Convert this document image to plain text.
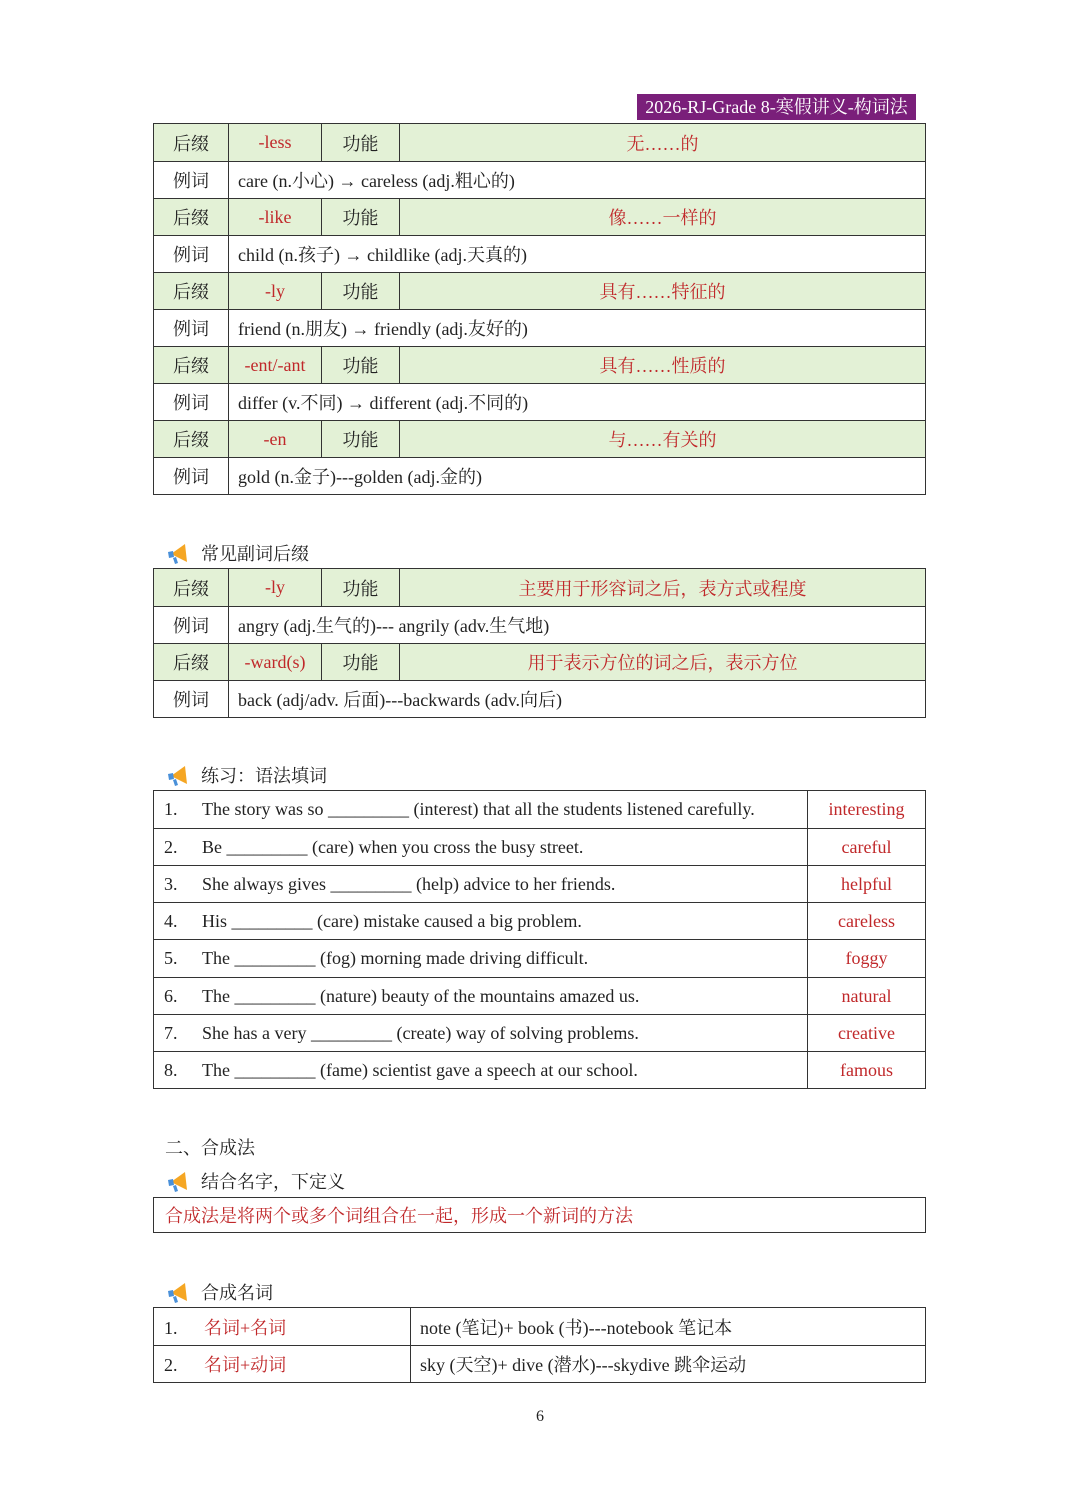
2026-RJ-Grade 8-寒假讲义-构词法
后缀	-less	功能	无……的
例词	care (n.小心) → careless (adj.粗心的)		
后缀	-like	功能	像……一样的
例词	child (n.孩子) → childlike (adj.天真的)		
后缀	-ly	功能	具有……特征的
例词	friend (n.朋友) → friendly (adj.友好的)		
后缀	-ent/-ant	功能	具有……性质的
例词	differ (v.不同) → different (adj.不同的)		
后缀	-en	功能	与……有关的
例词	gold (n.金子)---golden (adj.金的)		
常见副词后缀
后缀	-ly	功能	主要用于形容词之后，表方式或程度
例词	angry (adj.生气的)--- angrily (adv.生气地)		
后缀	-ward(s)	功能	用于表示方位的词之后，表示方位
例词	back (adj/adv. 后面)---backwards (adv.向后)		
练习：语法填词
1. The story was so _________ (interest) that all the students listened carefully.	interesting
2. Be _________ (care) when you cross the busy street.	careful
3. She always gives _________ (help) advice to her friends.	helpful
4. His _________ (care) mistake caused a big problem.	careless
5. The _________ (fog) morning made driving difficult.	foggy
6. The _________ (nature) beauty of the mountains amazed us.	natural
7. She has a very _________ (create) way of solving problems.	creative
8. The _________ (fame) scientist gave a speech at our school.	famous
二、合成法
结合名字，下定义
合成法是将两个或多个词组合在一起，形成一个新词的方法
合成名词
1. 名词+名词	note (笔记)+ book (书)---notebook 笔记本
2. 名词+动词	sky (天空)+ dive (潜水)---skydive 跳伞运动
6
